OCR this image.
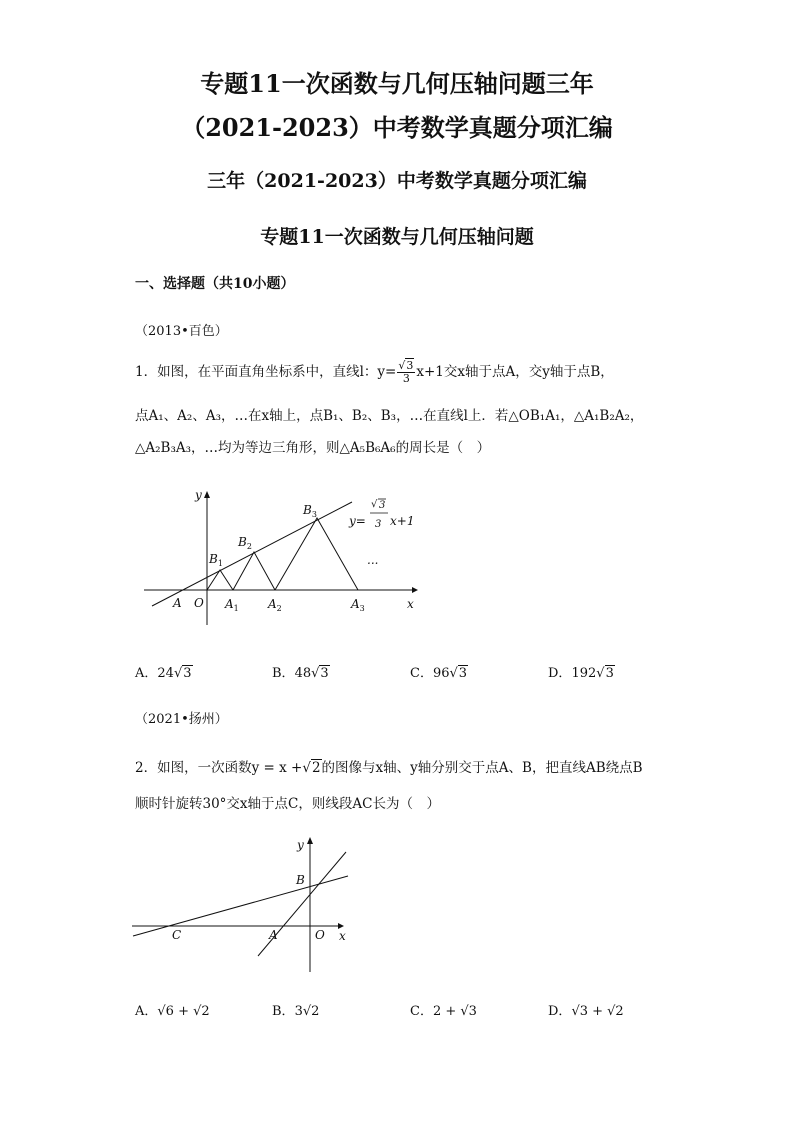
专题11一次函数与几何压轴问题三年
（2021-2023）中考数学真题分项汇编
三年（2021-2023）中考数学真题分项汇编
专题11一次函数与几何压轴问题
一、选择题（共10小题）
（2013•百色）
1．如图，在平面直角坐标系中，直线l：$y= \frac{√3}{3} x+1$交x轴于点A，交y轴于点B，
点A₁、A₂、A₃，…在x轴上，点B₁、B₂、B₃，…在直线l上．若△OB₁A₁，△A₁B₂A₂，
△A₂B₃A₃，…均为等边三角形，则△A₅B₆A₆的周长是（　）
y
x
A O $A_1$ $A_2$	$A_3$
$B_1$
$B_2$
$B_3$
...
y=
√ 3
3 x+1
A．24√3	B．48√3	C．96√3	D．192√3
（2021•扬州）
2．如图，一次函数y = x +√2的图像与x轴、y轴分别交于点A、B，把直线AB绕点B
顺时针旋转30°交x轴于点C，则线段AC长为（　）
y
x
B
C	A	O
A．√6 + √2	B．3√2	C．2 + √3	D．√3 + √2
